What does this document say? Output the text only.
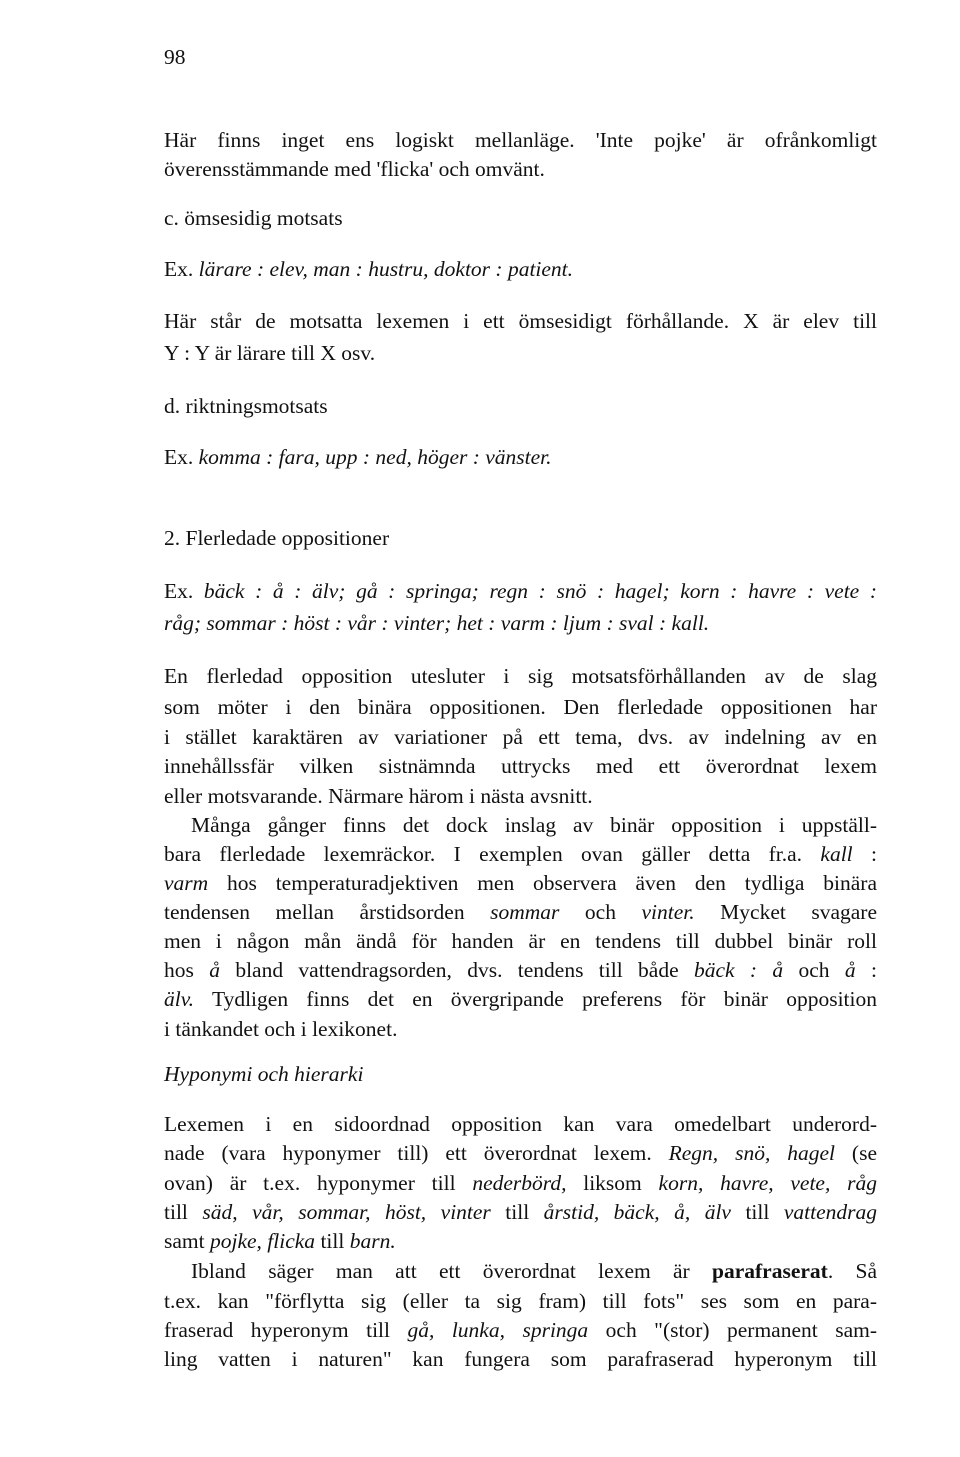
98
Här finns inget ens logiskt mellanläge. 'Inte pojke' är ofrånkomligt
överensstämmande med 'flicka' och omvänt.
c. ömsesidig motsats
Ex. lärare : elev, man : hustru, doktor : patient.
Här står de motsatta lexemen i ett ömsesidigt förhållande. X är elev till
Y : Y är lärare till X osv.
d. riktningsmotsats
Ex. komma : fara, upp : ned, höger : vänster.
2. Flerledade oppositioner
Ex. bäck : å : älv; gå : springa; regn : snö : hagel; korn : havre : vete :
råg; sommar : höst : vår : vinter; het : varm : ljum : sval : kall.
En flerledad opposition utesluter i sig motsatsförhållanden av de slag
som möter i den binära oppositionen. Den flerledade oppositionen har
i stället karaktären av variationer på ett tema, dvs. av indelning av en
innehållssfär vilken sistnämnda uttrycks med ett överordnat lexem
eller motsvarande. Närmare härom i nästa avsnitt.
Många gånger finns det dock inslag av binär opposition i uppställ-
bara flerledade lexemräckor. I exemplen ovan gäller detta fr.a. kall :
varm hos temperaturadjektiven men observera även den tydliga binära
tendensen mellan årstidsorden sommar och vinter. Mycket svagare
men i någon mån ändå för handen är en tendens till dubbel binär roll
hos å bland vattendragsorden, dvs. tendens till både bäck : å och å :
älv. Tydligen finns det en övergripande preferens för binär opposition
i tänkandet och i lexikonet.
Hyponymi och hierarki
Lexemen i en sidoordnad opposition kan vara omedelbart underord-
nade (vara hyponymer till) ett överordnat lexem. Regn, snö, hagel (se
ovan) är t.ex. hyponymer till nederbörd, liksom korn, havre, vete, råg
till säd, vår, sommar, höst, vinter till årstid, bäck, å, älv till vattendrag
samt pojke, flicka till barn.
Ibland säger man att ett överordnat lexem är parafraserat. Så
t.ex. kan "förflytta sig (eller ta sig fram) till fots" ses som en para-
fraserad hyperonym till gå, lunka, springa och "(stor) permanent sam-
ling vatten i naturen" kan fungera som parafraserad hyperonym till
